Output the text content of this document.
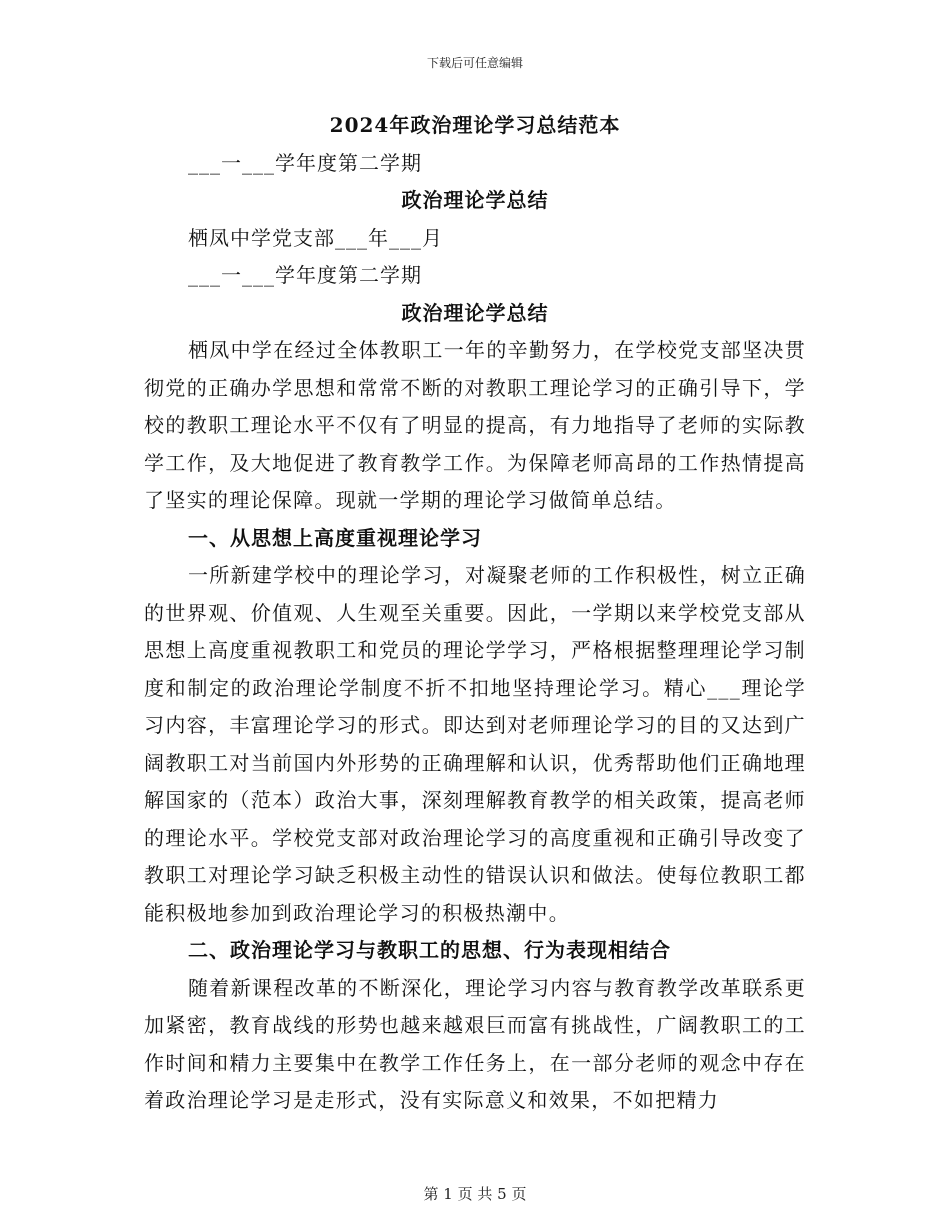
下载后可任意编辑
2024年政治理论学习总结范本
___一___学年度第二学期
政治理论学总结
栖凤中学党支部___年___月
___一___学年度第二学期
政治理论学总结

栖凤中学在经过全体教职工一年的辛勤努力，在学校党支部坚决贯彻党的正确办学思想和常常不断的对教职工理论学习的正确引导下，学校的教职工理论水平不仅有了明显的提高，有力地指导了老师的实际教学工作，及大地促进了教育教学工作。为保障老师高昂的工作热情提高了坚实的理论保障。现就一学期的理论学习做简单总结。

一、从思想上高度重视理论学习

一所新建学校中的理论学习，对凝聚老师的工作积极性，树立正确的世界观、价值观、人生观至关重要。因此，一学期以来学校党支部从思想上高度重视教职工和党员的理论学学习，严格根据整理理论学习制度和制定的政治理论学制度不折不扣地坚持理论学习。精心___理论学习内容，丰富理论学习的形式。即达到对老师理论学习的目的又达到广阔教职工对当前国内外形势的正确理解和认识，优秀帮助他们正确地理解国家的（范本）政治大事，深刻理解教育教学的相关政策，提高老师的理论水平。学校党支部对政治理论学习的高度重视和正确引导改变了教职工对理论学习缺乏积极主动性的错误认识和做法。使每位教职工都能积极地参加到政治理论学习的积极热潮中。

二、政治理论学习与教职工的思想、行为表现相结合

随着新课程改革的不断深化，理论学习内容与教育教学改革联系更加紧密，教育战线的形势也越来越艰巨而富有挑战性，广阔教职工的工作时间和精力主要集中在教学工作任务上，在一部分老师的观念中存在着政治理论学习是走形式，没有实际意义和效果，不如把精力

第 1 页 共 5 页
